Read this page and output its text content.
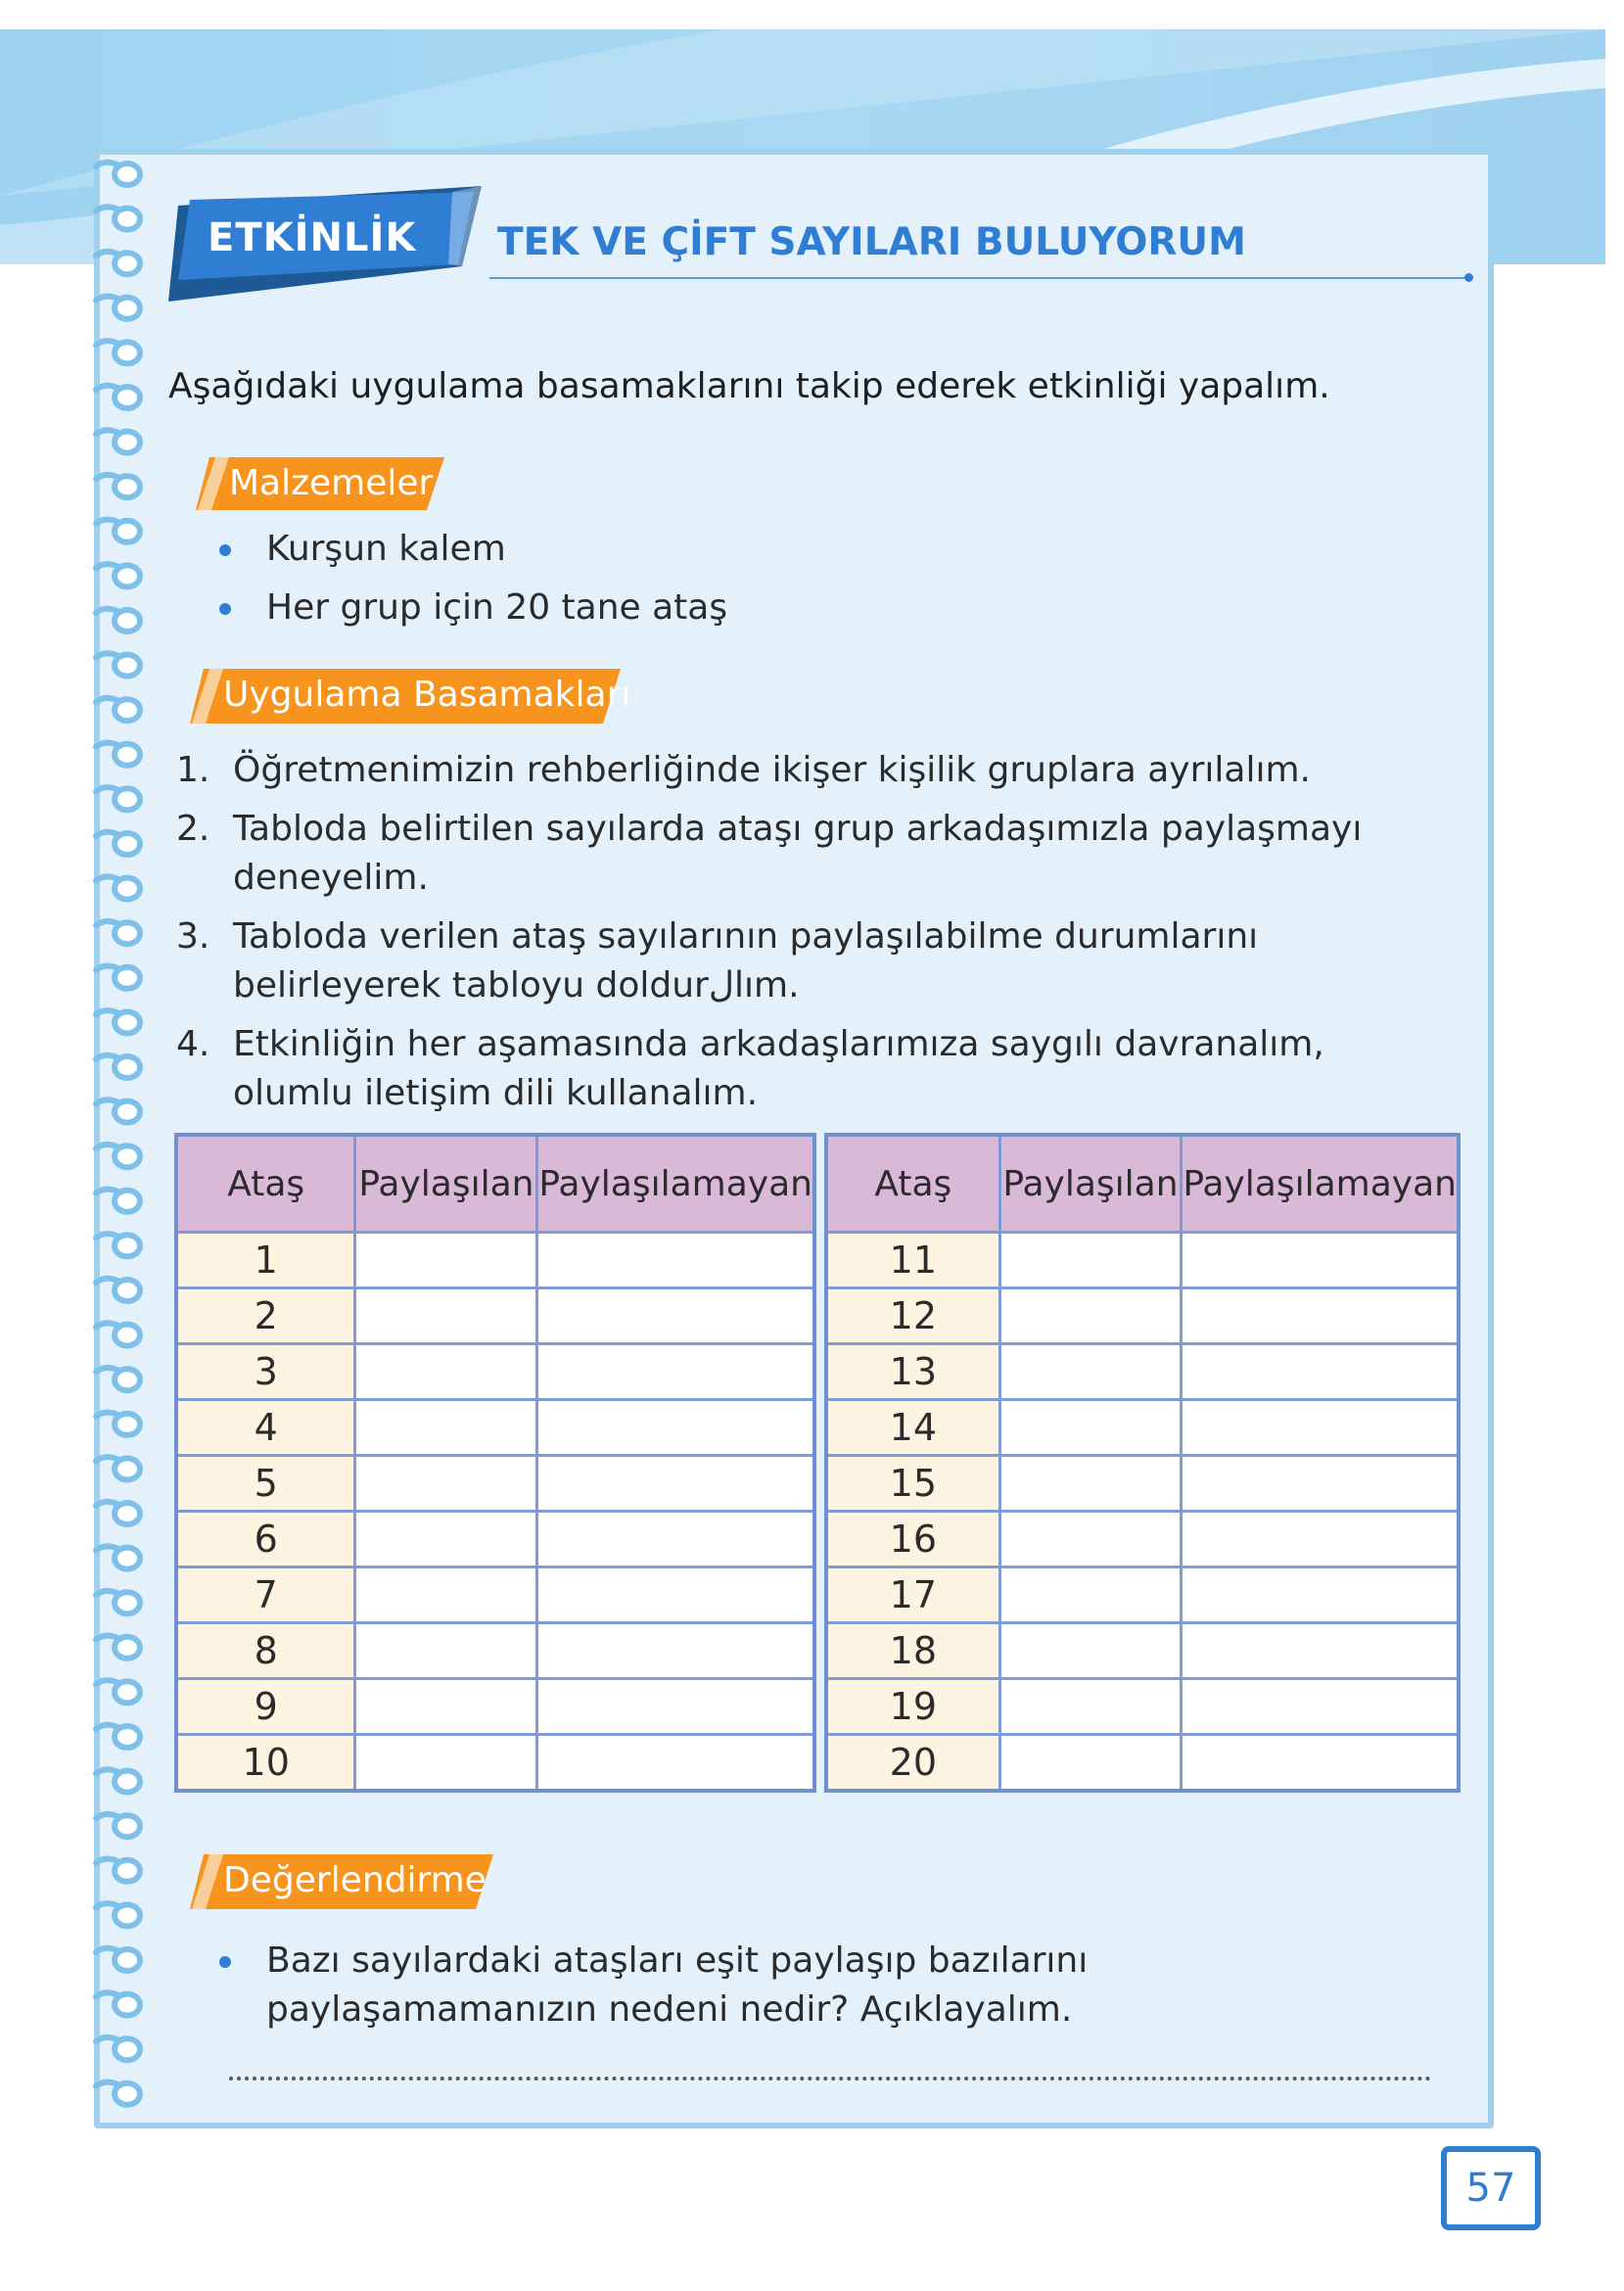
ETKİNLİK	TEK VE ÇİFT SAYILARI BULUYORUM
Aşağıdaki uygulama basamaklarını takip ederek etkinliği yapalım.
Malzemeler
Kurşun kalem
Her grup için 20 tane ataş
Uygulama Basamakları
1. Öğretmenimizin rehberliğinde ikişer kişilik gruplara ayrılalım.
2. Tabloda belirtilen sayılarda ataşı grup arkadaşımızla paylaşmayı deneyelim.
3. Tabloda verilen ataş sayılarının paylaşılabilme durumlarını belirleyerek tabloyu doldurالım.
4. Etkinliğin her aşamasında arkadaşlarımıza saygılı davranalım, olumlu iletişim dili kullanalım.
Ataş	Paylaşılan	Paylaşılamayan
1		
2		
3		
4		
5		
6		
7		
8		
9		
10		
Ataş	Paylaşılan	Paylaşılamayan
11		
12		
13		
14		
15		
16		
17		
18		
19		
20		
Değerlendirme
Bazı sayılardaki ataşları eşit paylaşıp bazılarını paylaşamamanızın nedeni nedir? Açıklayalım.
57
